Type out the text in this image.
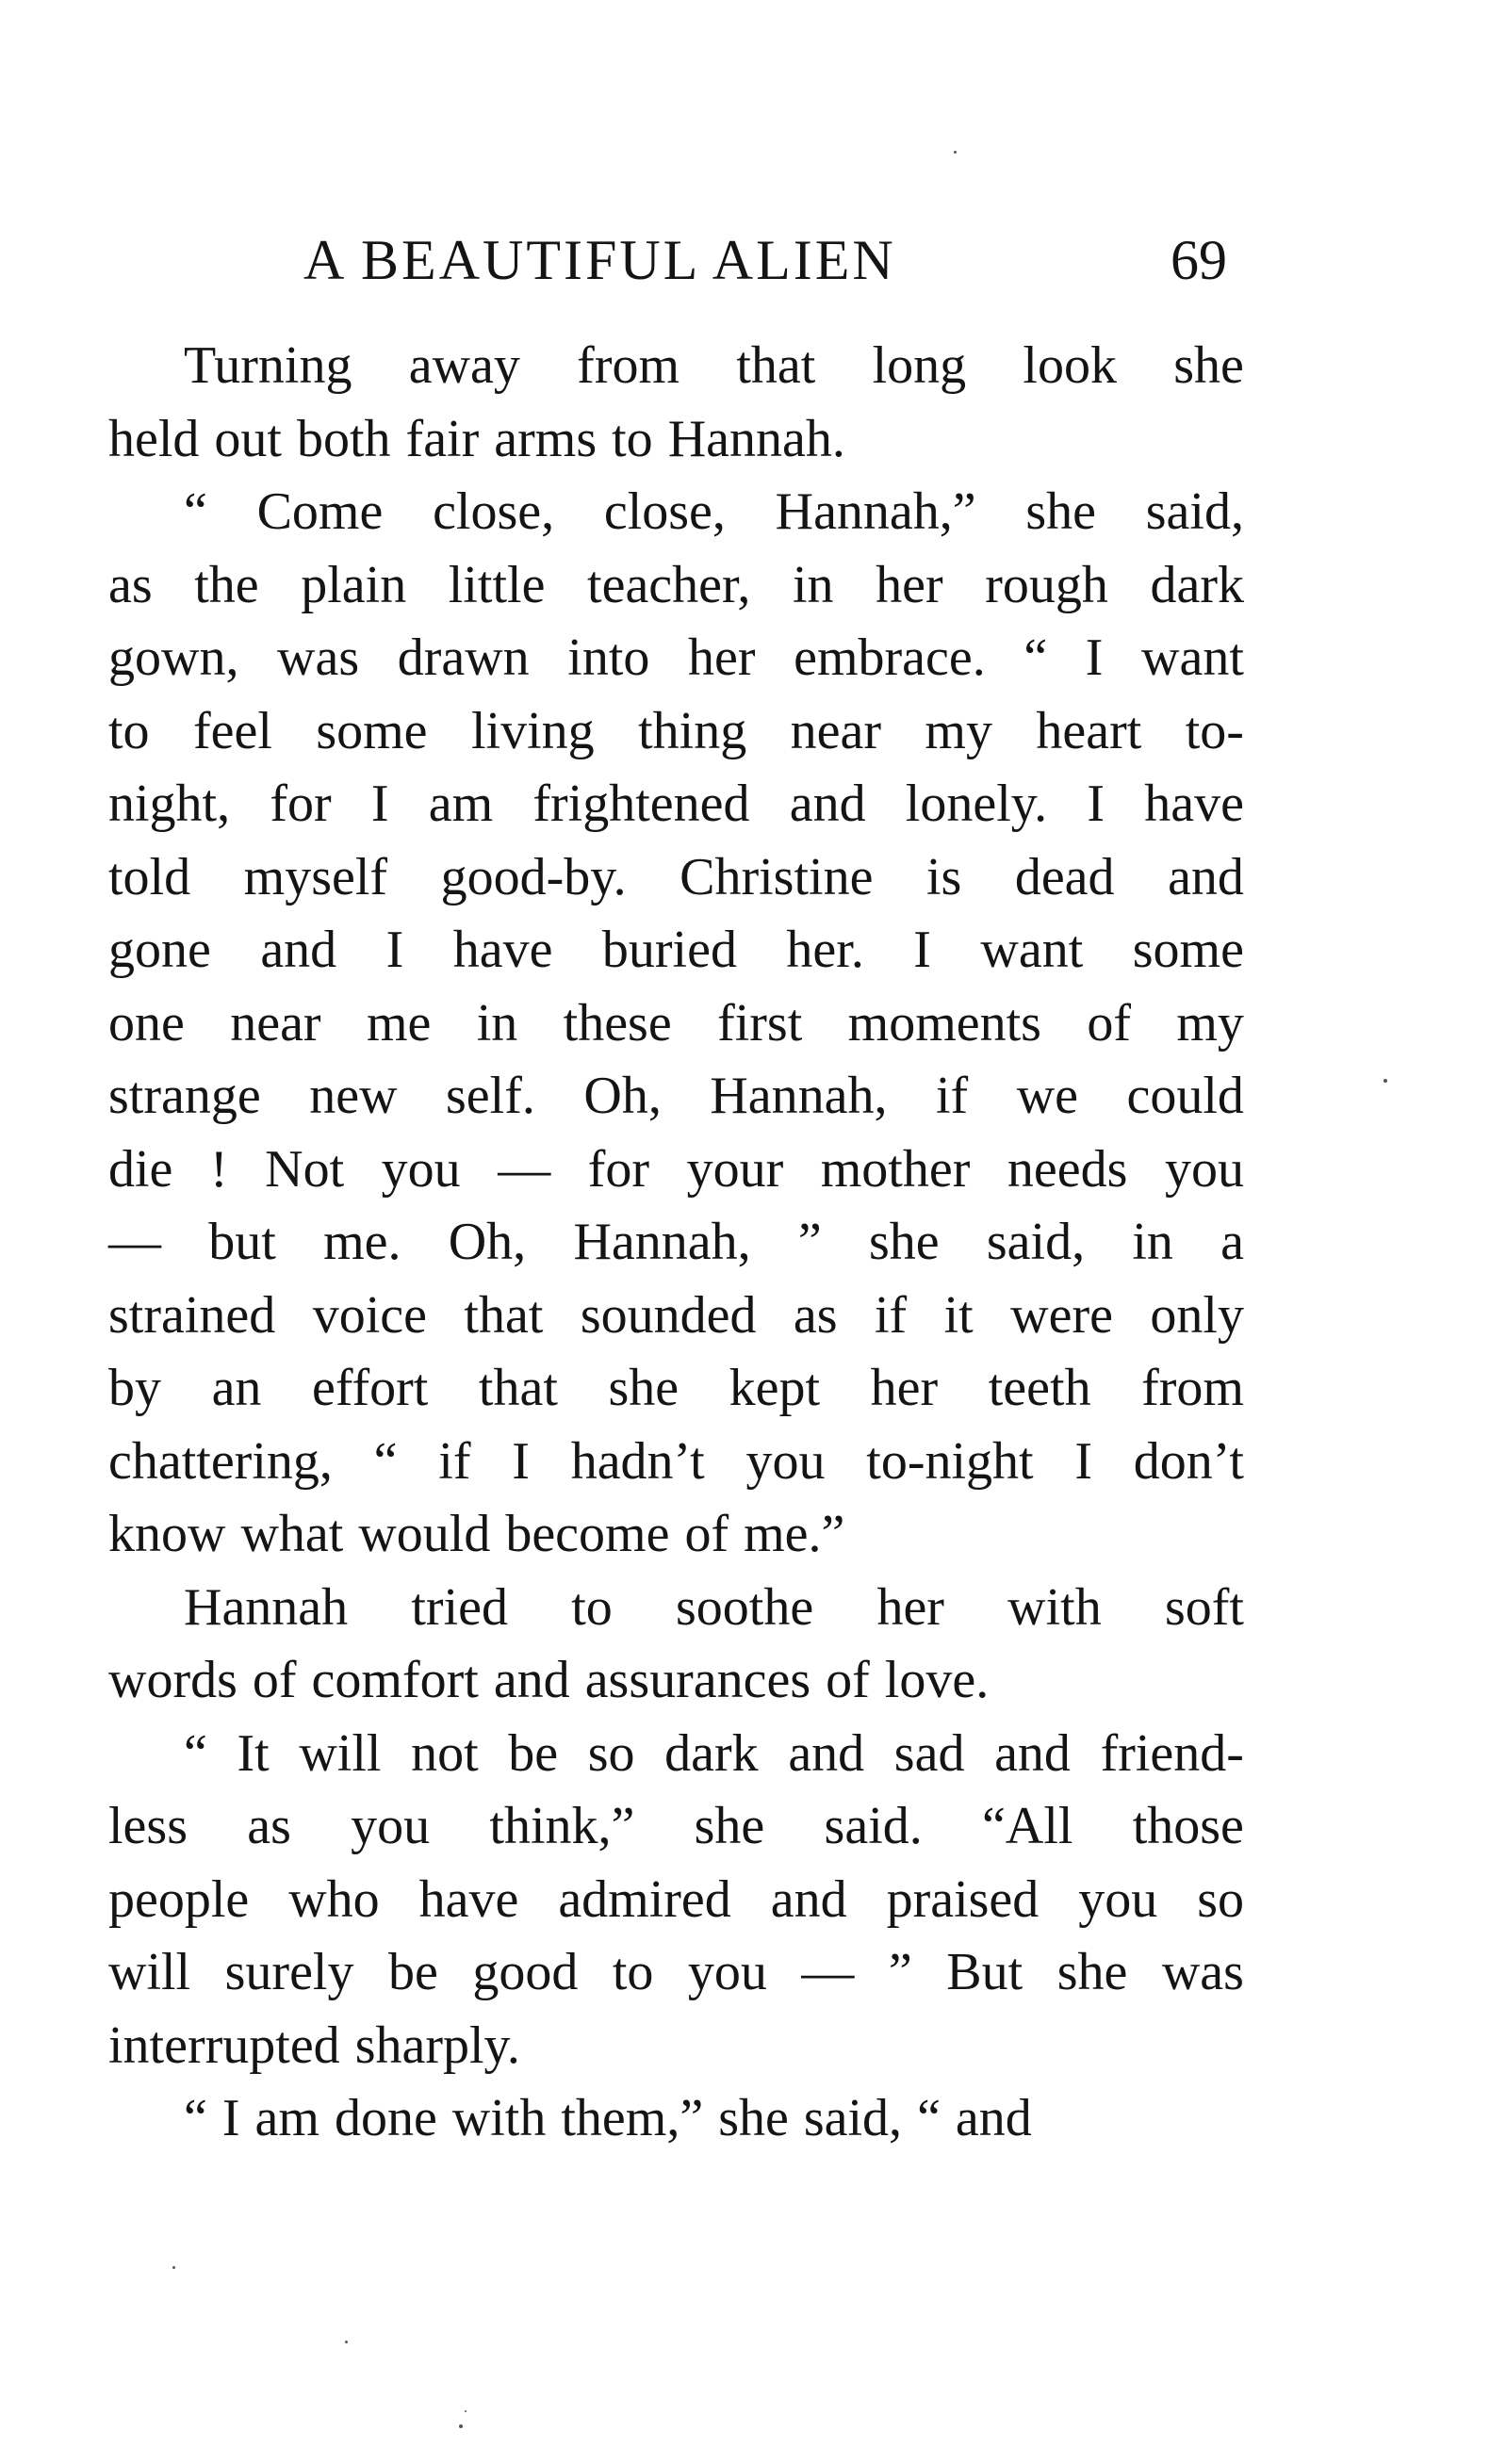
A BEAUTIFUL ALIEN	69
Turning away from that long look she
held out both fair arms to Hannah.
“ Come close, close, Hannah,” she said,
as the plain little teacher, in her rough dark
gown, was drawn into her embrace. “ I want
to feel some living thing near my heart to-
night, for I am frightened and lonely. I have
told myself good-by. Christine is dead and
gone and I have buried her. I want some
one near me in these first moments of my
strange new self. Oh, Hannah, if we could
die ! Not you — for your mother needs you
— but me. Oh, Hannah, ” she said, in a
strained voice that sounded as if it were only
by an effort that she kept her teeth from
chattering, “ if I hadn’t you to-night I don’t
know what would become of me.”
Hannah tried to soothe her with soft
words of comfort and assurances of love.
“ It will not be so dark and sad and friend-
less as you think,” she said. “All those
people who have admired and praised you so
will surely be good to you — ” But she was
interrupted sharply.
“ I am done with them,” she said, “ and
